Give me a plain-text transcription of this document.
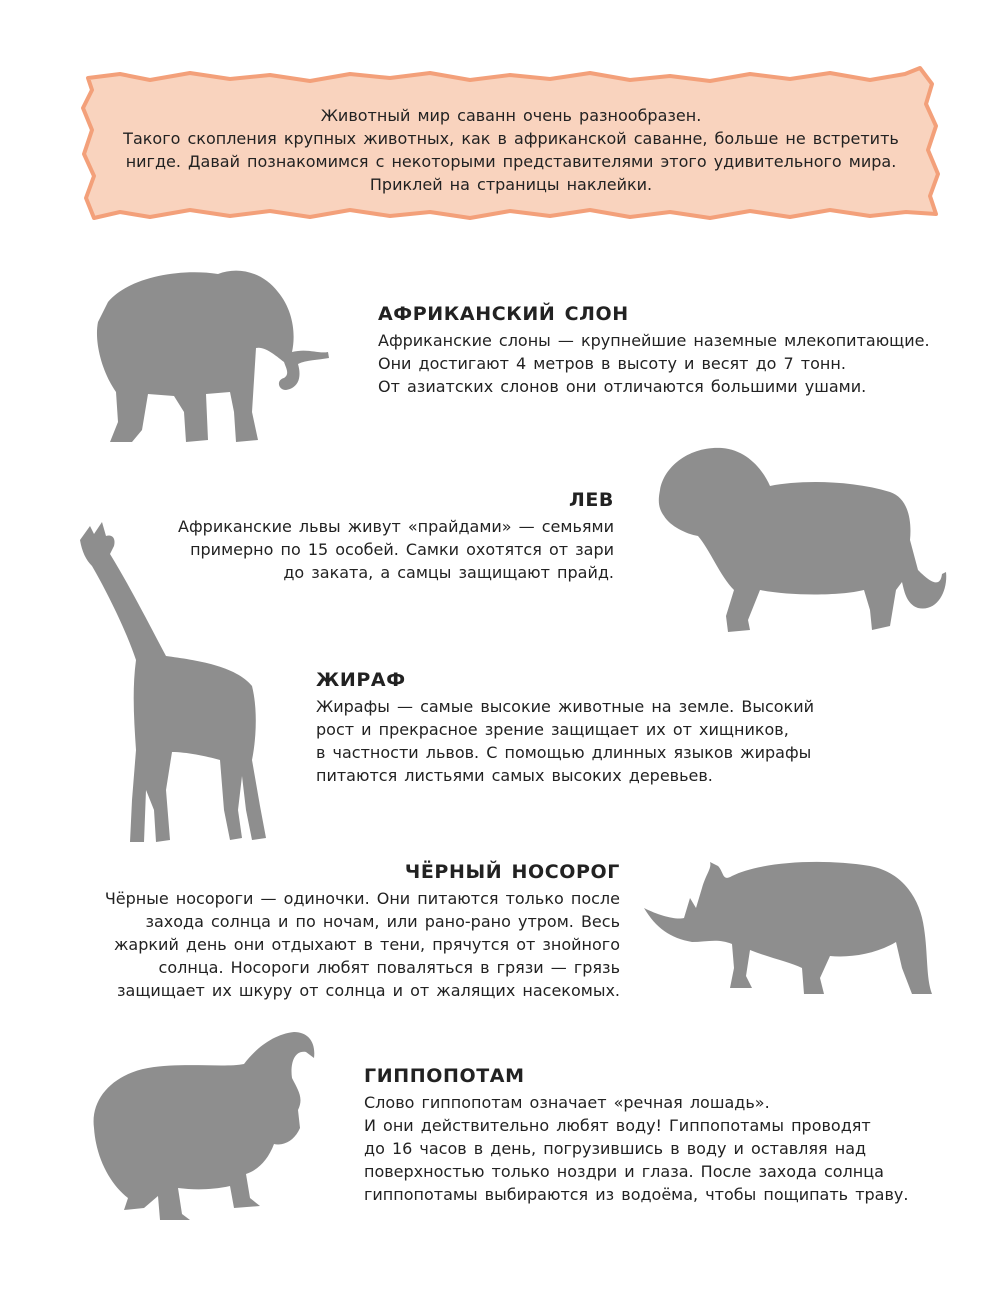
Животный мир саванн очень разнообразен.
Такого скопления крупных животных, как в африканской саванне, больше не встретить
нигде. Давай познакомимся с некоторыми представителями этого удивительного мира.
Приклей на страницы наклейки.
АФРИКАНСКИЙ СЛОН
Африканские слоны — крупнейшие наземные млекопитающие.
Они достигают 4 метров в высоту и весят до 7 тонн.
От азиатских слонов они отличаются большими ушами.
ЛЕВ
Африканские львы живут «прайдами» — семьями
примерно по 15 особей. Самки охотятся от зари
до заката, а самцы защищают прайд.
ЖИРАФ
Жирафы — самые высокие животные на земле. Высокий
рост и прекрасное зрение защищает их от хищников,
в частности львов. С помощью длинных языков жирафы
питаются листьями самых высоких деревьев.
ЧЁРНЫЙ НОСОРОГ
Чёрные носороги — одиночки. Они питаются только после
захода солнца и по ночам, или рано-рано утром. Весь
жаркий день они отдыхают в тени, прячутся от знойного
солнца. Носороги любят поваляться в грязи — грязь
защищает их шкуру от солнца и от жалящих насекомых.
ГИППОПОТАМ
Слово гиппопотам означает «речная лошадь».
И они действительно любят воду! Гиппопотамы проводят
до 16 часов в день, погрузившись в воду и оставляя над
поверхностью только ноздри и глаза. После захода солнца
гиппопотамы выбираются из водоёма, чтобы пощипать траву.
